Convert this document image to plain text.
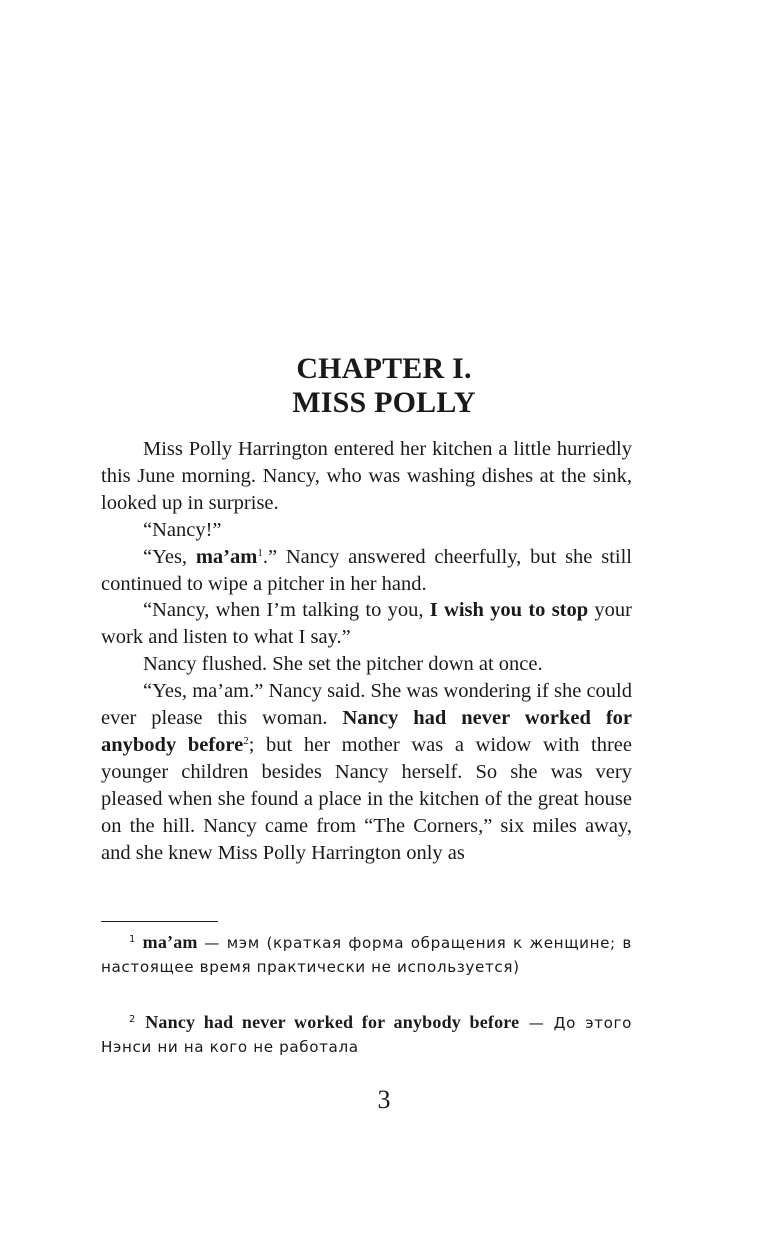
CHAPTER I.
MISS POLLY

Miss Polly Harrington entered her kitchen a little hurriedly this June morning. Nancy, who was washing dishes at the sink, looked up in surprise.

“Nancy!”

“Yes, $ma’am^1$.” Nancy answered cheerfully, but she still continued to wipe a pitcher in her hand.

“Nancy, when I’m talking to you, I wish you to stop your work and listen to what I say.”

Nancy flushed. She set the pitcher down at once.

“Yes, ma’am.” Nancy said. She was wondering if she could ever please this woman. Nancy had never worked for anybody before$^2$; but her mother was a widow with three younger children besides Nancy herself. So she was very pleased when she found a place in the kitchen of the great house on the hill. Nancy came from “The Corners,” six miles away, and she knew Miss Polly Harrington only as

$^1$ ma’am — мэм (краткая форма обращения к женщине; в настоящее время практически не используется)

$^2$ Nancy had never worked for anybody before — До этого Нэнси ни на кого не работала

3
